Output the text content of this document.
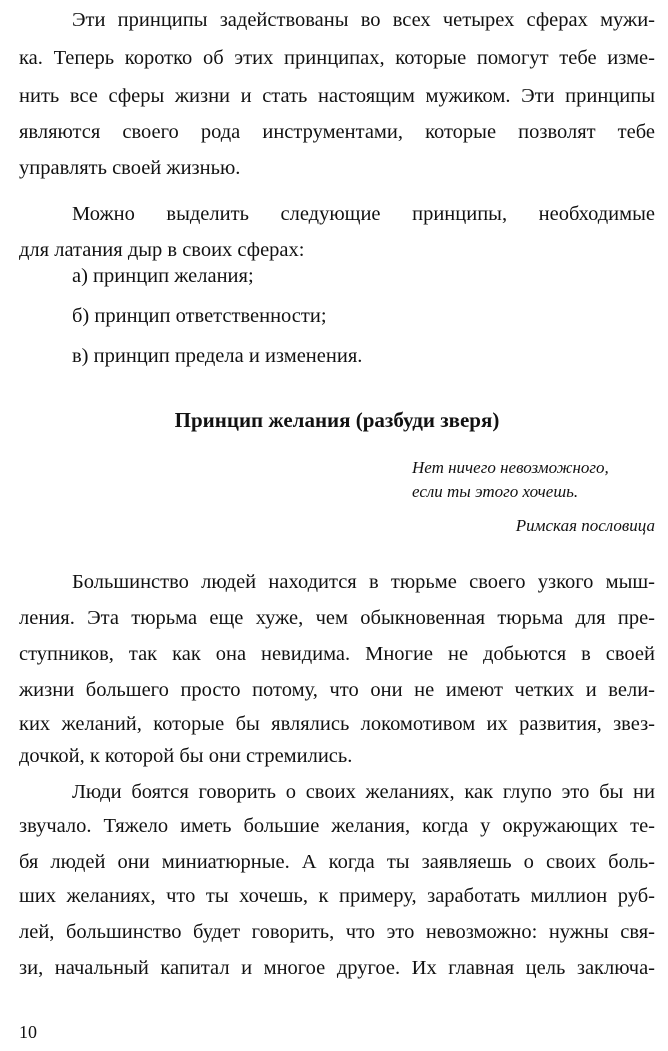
Эти принципы задействованы во всех четырех сферах мужи-
ка. Теперь коротко об этих принципах, которые помогут тебе изме-
нить все сферы жизни и стать настоящим мужиком. Эти принципы
являются своего рода инструментами, которые позволят тебе
управлять своей жизнью.
Можно выделить следующие принципы, необходимые
для латания дыр в своих сферах:
а) принцип желания;
б) принцип ответственности;
в) принцип предела и изменения.
Принцип желания (разбуди зверя)
Нет ничего невозможного,
если ты этого хочешь.
Римская пословица
Большинство людей находится в тюрьме своего узкого мыш-
ления. Эта тюрьма еще хуже, чем обыкновенная тюрьма для пре-
ступников, так как она невидима. Многие не добьются в своей
жизни большего просто потому, что они не имеют четких и вели-
ких желаний, которые бы являлись локомотивом их развития, звез-
дочкой, к которой бы они стремились.
Люди боятся говорить о своих желаниях, как глупо это бы ни
звучало. Тяжело иметь большие желания, когда у окружающих те-
бя людей они миниатюрные. А когда ты заявляешь о своих боль-
ших желаниях, что ты хочешь, к примеру, заработать миллион руб-
лей, большинство будет говорить, что это невозможно: нужны свя-
зи, начальный капитал и многое другое. Их главная цель заключа-
10
